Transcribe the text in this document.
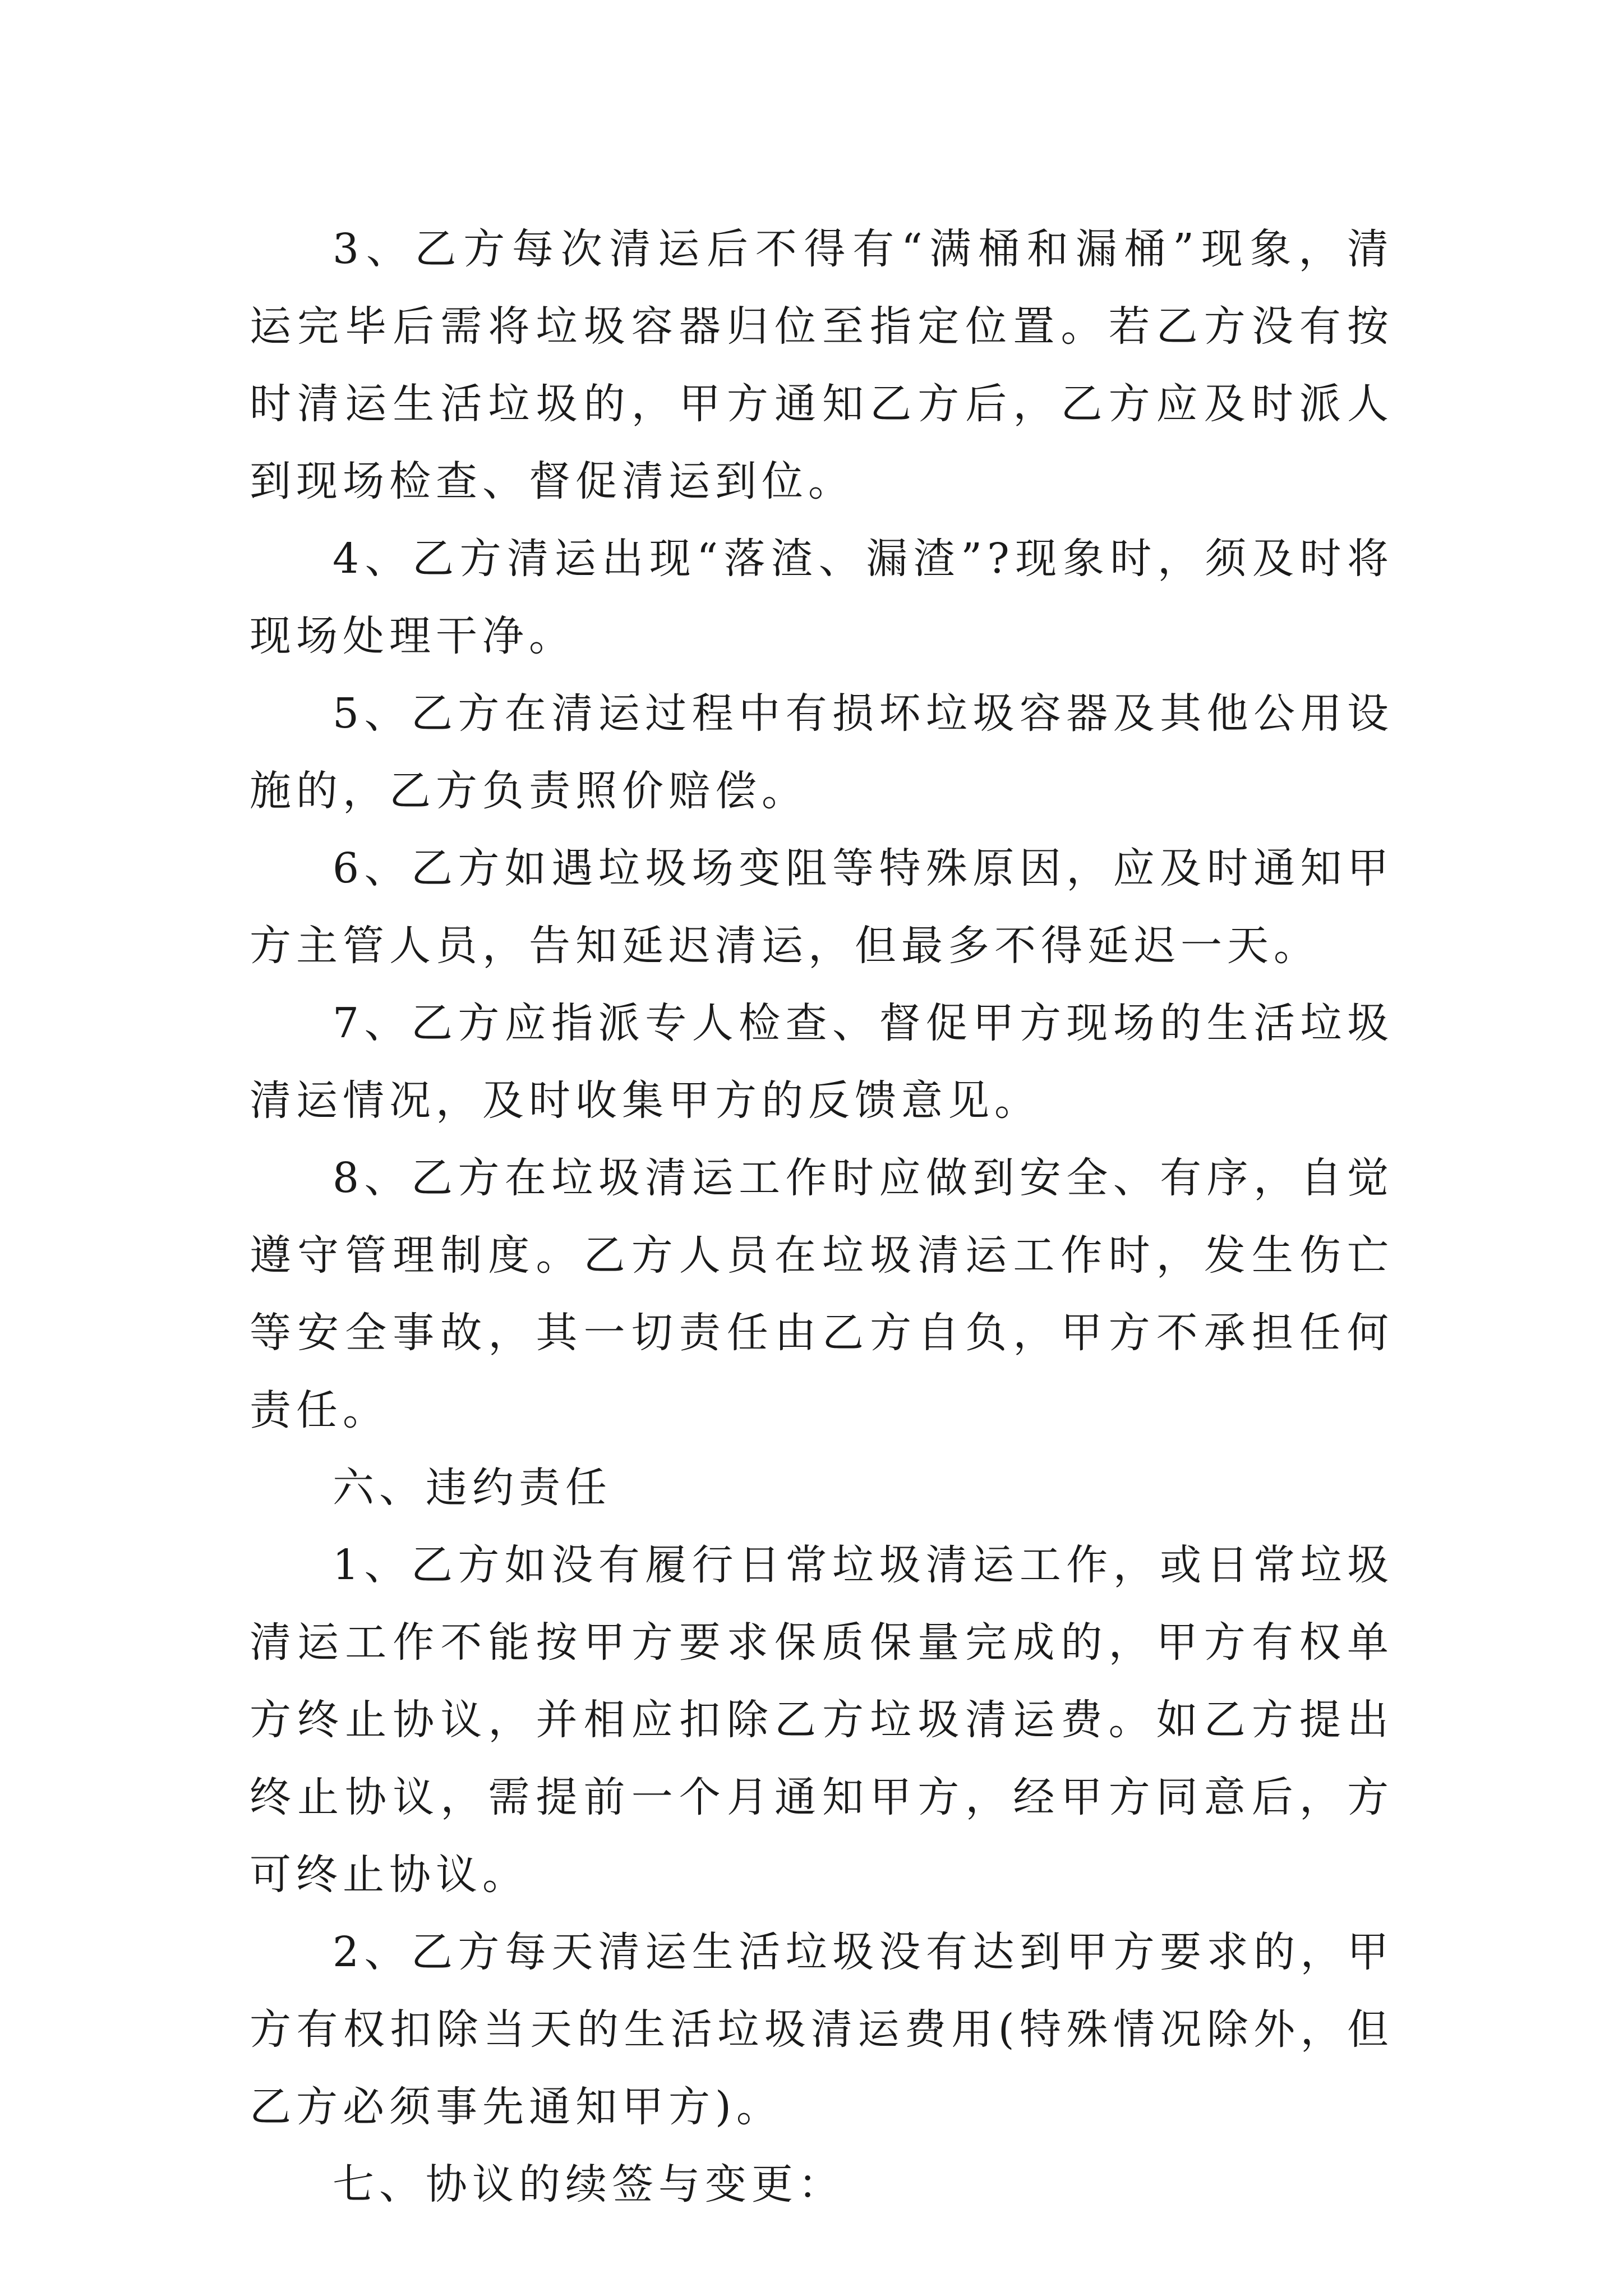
3、乙方每次清运后不得有“满桶和漏桶”现象，清运完毕后需将垃圾容器归位至指定位置。若乙方没有按时清运生活垃圾的，甲方通知乙方后，乙方应及时派人到现场检查、督促清运到位。

4、乙方清运出现“落渣、漏渣”?现象时，须及时将现场处理干净。

5、乙方在清运过程中有损坏垃圾容器及其他公用设施的，乙方负责照价赔偿。

6、乙方如遇垃圾场变阻等特殊原因，应及时通知甲方主管人员，告知延迟清运，但最多不得延迟一天。

7、乙方应指派专人检查、督促甲方现场的生活垃圾清运情况，及时收集甲方的反馈意见。

8、乙方在垃圾清运工作时应做到安全、有序，自觉遵守管理制度。乙方人员在垃圾清运工作时，发生伤亡等安全事故，其一切责任由乙方自负，甲方不承担任何责任。

六、违约责任

1、乙方如没有履行日常垃圾清运工作，或日常垃圾清运工作不能按甲方要求保质保量完成的，甲方有权单方终止协议，并相应扣除乙方垃圾清运费。如乙方提出终止协议，需提前一个月通知甲方，经甲方同意后，方可终止协议。

2、乙方每天清运生活垃圾没有达到甲方要求的，甲方有权扣除当天的生活垃圾清运费用(特殊情况除外，但乙方必须事先通知甲方)。

七、协议的续签与变更：
